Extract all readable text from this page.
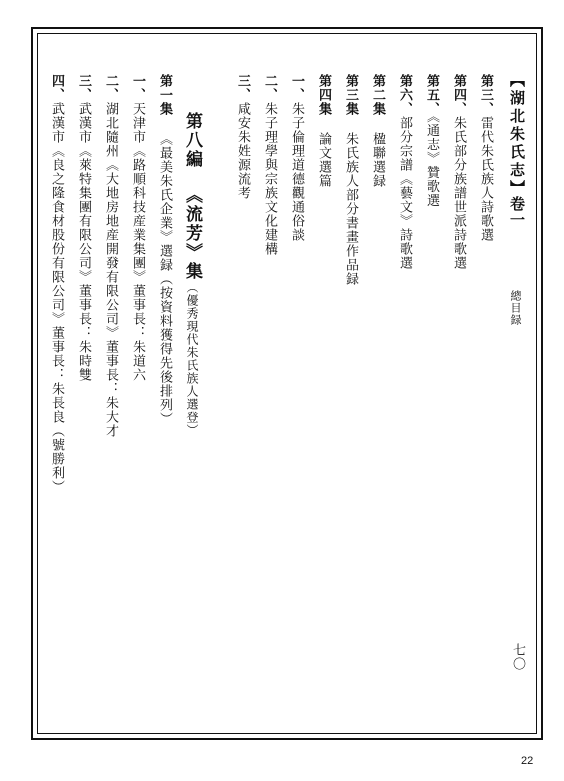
【湖北朱氏志】
卷一
總目録
七〇
第三、雷代朱氏族人詩歌選
第四、朱氏部分族譜世派詩歌選
第五、《通志》贊歌選
第六、部分宗譜《藝文》詩歌選
第二集 楹聯選録
第三集 朱氏族人部分書畫作品録
第四集 論文選篇
一、朱子倫理道德觀通俗談
二、朱子理學與宗族文化建構
三、咸安朱姓源流考
第八編
《流芳》集（優秀現代朱氏族人選登）
第一集 《最美朱氏企業》選録（按資料獲得先後排列）
一、天津市《路順科技産業集團》董事長：朱道六
二、湖北隨州《大地房地産開發有限公司》董事長：朱大才
三、武漢市《萊特集團有限公司》董事長：朱時雙
四、武漢市《良之隆食材股份有限公司》董事長：朱長良（號勝利）
22
